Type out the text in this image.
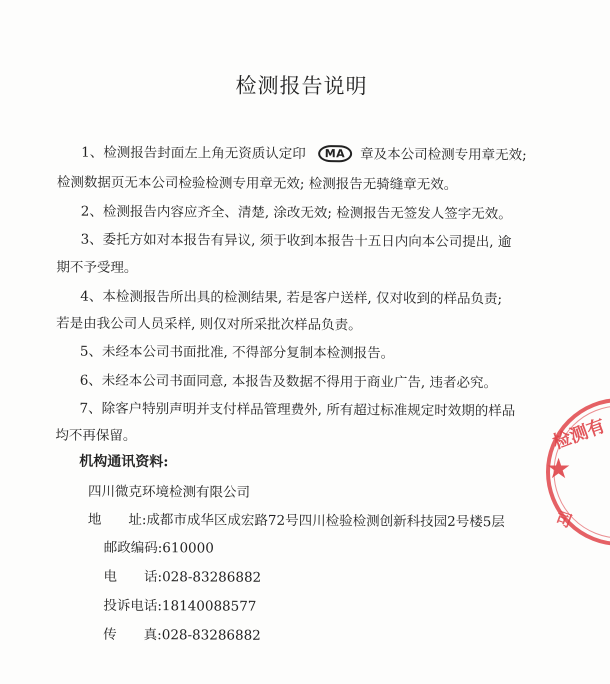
检测报告说明
1、检测报告封面左上角无资质认定印 MA 章及本公司检测专用章无效;
检测数据页无本公司检验检测专用章无效; 检测报告无骑缝章无效。
2、检测报告内容应齐全、清楚, 涂改无效; 检测报告无签发人签字无效。
3、委托方如对本报告有异议, 须于收到本报告十五日内向本公司提出, 逾
期不予受理。
4、本检测报告所出具的检测结果, 若是客户送样, 仅对收到的样品负责;
若是由我公司人员采样, 则仅对所采批次样品负责。
5、未经本公司书面批准, 不得部分复制本检测报告。
6、未经本公司书面同意, 本报告及数据不得用于商业广告, 违者必究。
7、除客户特别声明并支付样品管理费外, 所有超过标准规定时效期的样品
均不再保留。
机构通讯资料:
四川微克环境检测有限公司
地　　址:成都市成华区成宏路72号四川检验检测创新科技园2号楼5层
邮政编码:610000
电　　话:028-83286882
投诉电话:18140088577
传　　真:028-83286882
检测有
★
司
